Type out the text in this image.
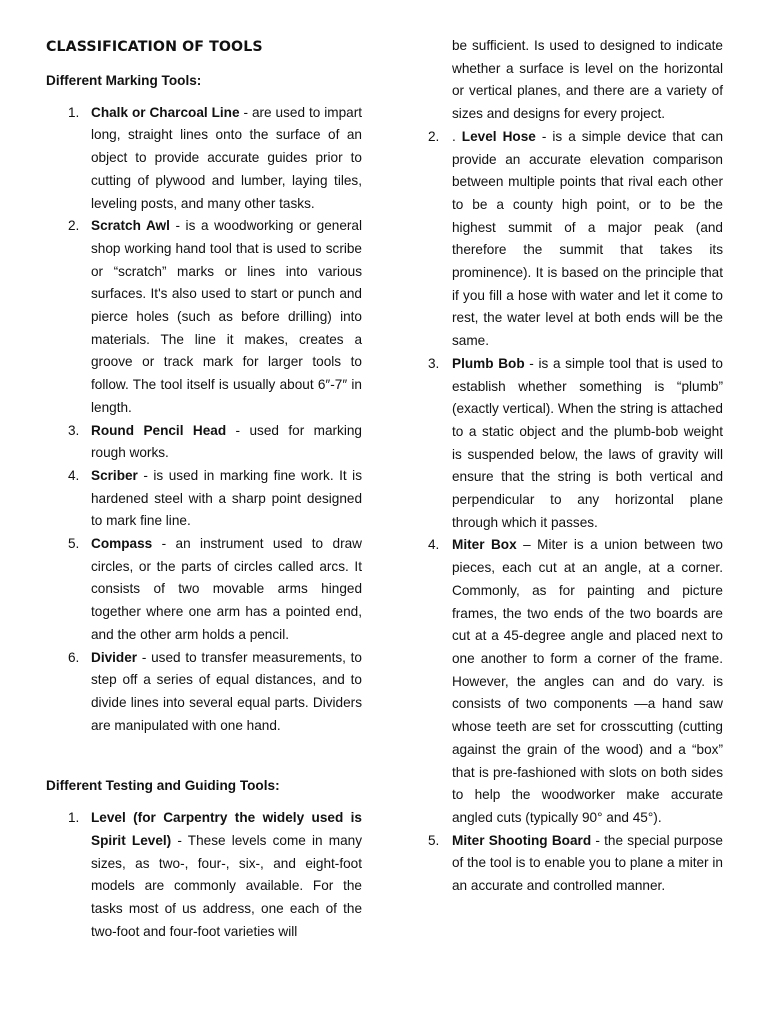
CLASSIFICATION OF TOOLS
Different Marking Tools:
1. Chalk or Charcoal Line - are used to impart long, straight lines onto the surface of an object to provide accurate guides prior to cutting of plywood and lumber, laying tiles, leveling posts, and many other tasks.
2. Scratch Awl - is a woodworking or general shop working hand tool that is used to scribe or “scratch” marks or lines into various surfaces. It's also used to start or punch and pierce holes (such as before drilling) into materials. The line it makes, creates a groove or track mark for larger tools to follow. The tool itself is usually about 6″-7″ in length.
3. Round Pencil Head - used for marking rough works.
4. Scriber - is used in marking fine work. It is hardened steel with a sharp point designed to mark fine line.
5. Compass - an instrument used to draw circles, or the parts of circles called arcs. It consists of two movable arms hinged together where one arm has a pointed end, and the other arm holds a pencil.
6. Divider - used to transfer measurements, to step off a series of equal distances, and to divide lines into several equal parts. Dividers are manipulated with one hand.
Different Testing and Guiding Tools:
1. Level (for Carpentry the widely used is Spirit Level) - These levels come in many sizes, as two-, four-, six-, and eight-foot models are commonly available. For the tasks most of us address, one each of the two-foot and four-foot varieties will

be sufficient. Is used to designed to indicate whether a surface is level on the horizontal or vertical planes, and there are a variety of sizes and designs for every project.

2. . Level Hose - is a simple device that can provide an accurate elevation comparison between multiple points that rival each other to be a county high point, or to be the highest summit of a major peak (and therefore the summit that takes its prominence). It is based on the principle that if you fill a hose with water and let it come to rest, the water level at both ends will be the same.
3. Plumb Bob - is a simple tool that is used to establish whether something is “plumb” (exactly vertical). When the string is attached to a static object and the plumb-bob weight is suspended below, the laws of gravity will ensure that the string is both vertical and perpendicular to any horizontal plane through which it passes.
4. Miter Box – Miter is a union between two pieces, each cut at an angle, at a corner. Commonly, as for painting and picture frames, the two ends of the two boards are cut at a 45-degree angle and placed next to one another to form a corner of the frame. However, the angles can and do vary. is consists of two components —a hand saw whose teeth are set for crosscutting (cutting against the grain of the wood) and a “box” that is pre-fashioned with slots on both sides to help the woodworker make accurate angled cuts (typically 90° and 45°).
5. Miter Shooting Board - the special purpose of the tool is to enable you to plane a miter in an accurate and controlled manner.
